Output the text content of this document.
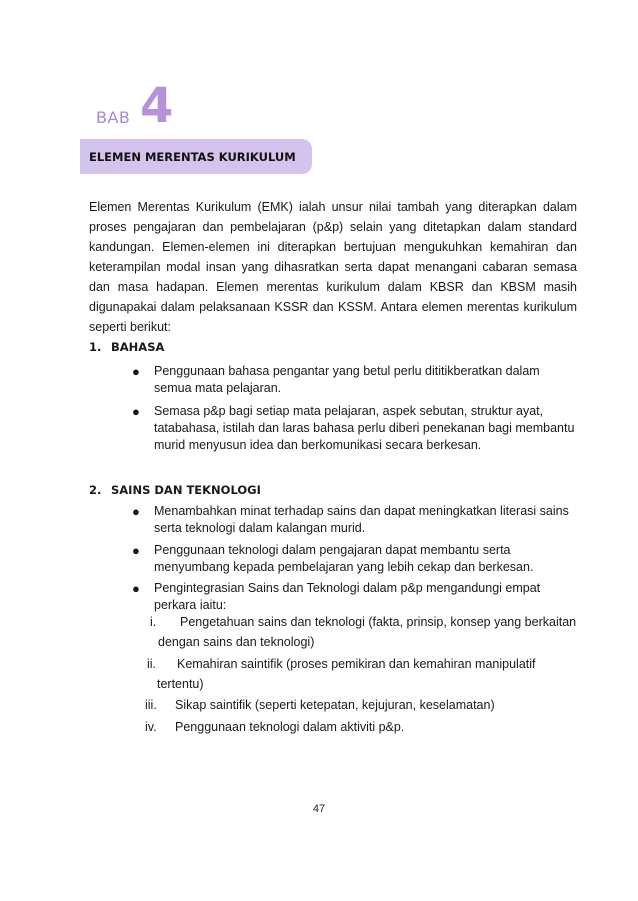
BAB 4
ELEMEN MERENTAS KURIKULUM

Elemen Merentas Kurikulum (EMK) ialah unsur nilai tambah yang diterapkan dalam proses pengajaran dan pembelajaran (p&p) selain yang ditetapkan dalam standard kandungan. Elemen-elemen ini diterapkan bertujuan mengukuhkan kemahiran dan keterampilan modal insan yang dihasratkan serta dapat menangani cabaran semasa dan masa hadapan. Elemen merentas kurikulum dalam KBSR dan KBSM masih digunapakai dalam pelaksanaan KSSR dan KSSM. Antara elemen merentas kurikulum seperti berikut:

1. BAHASA
●	Penggunaan bahasa pengantar yang betul perlu dititikberatkan dalam semua mata pelajaran.
●	Semasa p&p bagi setiap mata pelajaran, aspek sebutan, struktur ayat, tatabahasa, istilah dan laras bahasa perlu diberi penekanan bagi membantu murid menyusun idea dan berkomunikasi secara berkesan.
2. SAINS DAN TEKNOLOGI
●	Menambahkan minat terhadap sains dan dapat meningkatkan literasi sains serta teknologi dalam kalangan murid.
●	Penggunaan teknologi dalam pengajaran dapat membantu serta menyumbang kepada pembelajaran yang lebih cekap dan berkesan.
●	Pengintegrasian Sains dan Teknologi dalam p&p mengandungi empat perkara iaitu:
i. Pengetahuan sains dan teknologi (fakta, prinsip, konsep yang berkaitan
dengan sains dan teknologi)
ii. Kemahiran saintifik (proses pemikiran dan kemahiran manipulatif
tertentu)
iii. Sikap saintifik (seperti ketepatan, kejujuran, keselamatan)
iv. Penggunaan teknologi dalam aktiviti p&p.
47
